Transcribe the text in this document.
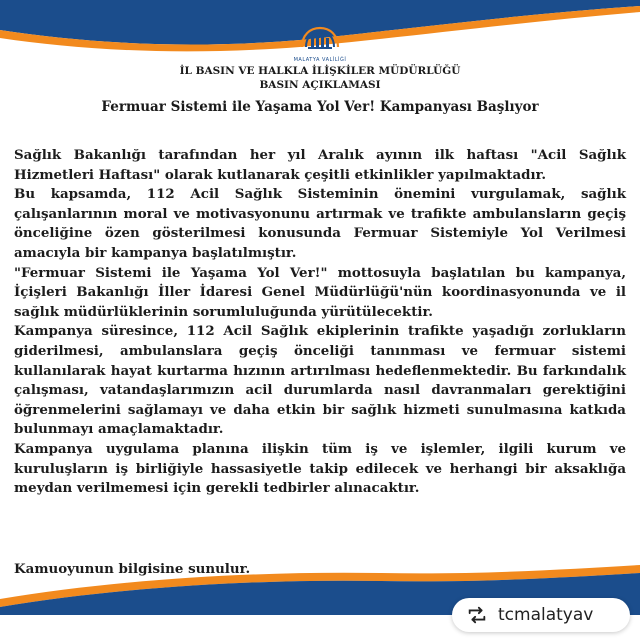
MALATYA VALİLİĞİ
İL BASIN VE HALKLA İLİŞKİLER MÜDÜRLÜĞÜ
BASIN AÇIKLAMASI
Fermuar Sistemi ile Yaşama Yol Ver! Kampanyası Başlıyor

Sağlık Bakanlığı tarafından her yıl Aralık ayının ilk haftası "Acil Sağlık Hizmetleri Haftası" olarak kutlanarak çeşitli etkinlikler yapılmaktadır.

Bu kapsamda, 112 Acil Sağlık Sisteminin önemini vurgulamak, sağlık çalışanlarının moral ve motivasyonunu artırmak ve trafikte ambulansların geçiş önceliğine özen gösterilmesi konusunda Fermuar Sistemiyle Yol Verilmesi amacıyla bir kampanya başlatılmıştır.

"Fermuar Sistemi ile Yaşama Yol Ver!" mottosuyla başlatılan bu kampanya, İçişleri Bakanlığı İller İdaresi Genel Müdürlüğü'nün koordinasyonunda ve il sağlık müdürlüklerinin sorumluluğunda yürütülecektir.

Kampanya süresince, 112 Acil Sağlık ekiplerinin trafikte yaşadığı zorlukların giderilmesi, ambulanslara geçiş önceliği tanınması ve fermuar sistemi kullanılarak hayat kurtarma hızının artırılması hedeflenmektedir. Bu farkındalık çalışması, vatandaşlarımızın acil durumlarda nasıl davranmaları gerektiğini öğrenmelerini sağlamayı ve daha etkin bir sağlık hizmeti sunulmasına katkıda bulunmayı amaçlamaktadır.

Kampanya uygulama planına ilişkin tüm iş ve işlemler, ilgili kurum ve kuruluşların iş birliğiyle hassasiyetle takip edilecek ve herhangi bir aksaklığa meydan verilmemesi için gerekli tedbirler alınacaktır.

Kamuoyunun bilgisine sunulur.
tcmalatyav
